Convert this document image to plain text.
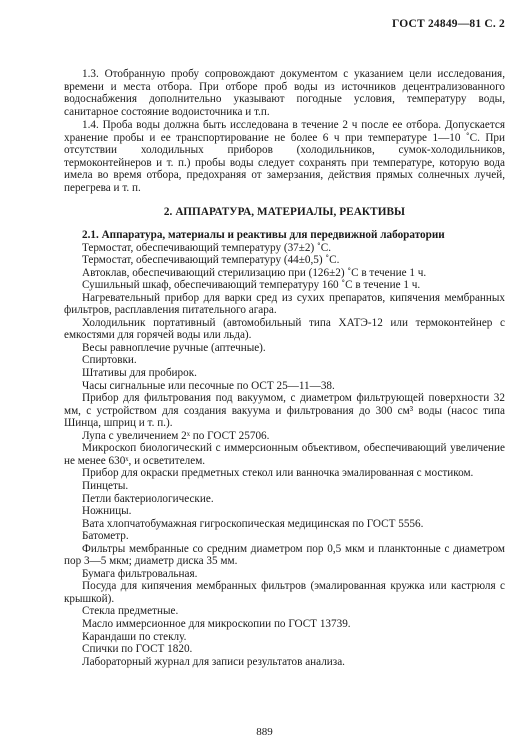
ГОСТ 24849—81 С. 2

1.3. Отобранную пробу сопровождают документом с указанием цели исследования, времени и места отбора. При отборе проб воды из источников децентрализованного водоснабжения дополнительно указывают погодные условия, температуру воды, санитарное состояние водоисточника и т.п.

1.4. Проба воды должна быть исследована в течение 2 ч после ее отбора. Допускается хранение пробы и ее транспортирование не более 6 ч при температуре 1—10 ˚С. При отсутствии холодильных приборов (холодильников, сумок-холодильников, термоконтейнеров и т. п.) пробы воды следует сохранять при температуре, которую вода имела во время отбора, предохраняя от замерзания, действия прямых солнечных лучей, перегрева и т. п.

2. АППАРАТУРА, МАТЕРИАЛЫ, РЕАКТИВЫ

2.1. Аппаратура, материалы и реактивы для передвижной лаборатории

Термостат, обеспечивающий температуру (37±2) ˚С.

Термостат, обеспечивающий температуру (44±0,5) ˚С.

Автоклав, обеспечивающий стерилизацию при (126±2) ˚С в течение 1 ч.

Сушильный шкаф, обеспечивающий температуру 160 ˚С в течение 1 ч.

Нагревательный прибор для варки сред из сухих препаратов, кипячения мембранных фильтров, расплавления питательного агара.

Холодильник портативный (автомобильный типа ХАТЭ-12 или термоконтейнер с емкостями для горячей воды или льда).

Весы равноплечие ручные (аптечные).

Спиртовки.

Штативы для пробирок.

Часы сигнальные или песочные по ОСТ 25—11—38.

Прибор для фильтрования под вакуумом, с диаметром фильтрующей поверхности 32 мм, с устройством для создания вакуума и фильтрования до 300 см³ воды (насос типа Шинца, шприц и т. п.).

Лупа с увеличением 2ˣ по ГОСТ 25706.

Микроскоп биологический с иммерсионным объективом, обеспечивающий увеличение не менее 630ˣ, и осветителем.

Прибор для окраски предметных стекол или ванночка эмалированная с мостиком.

Пинцеты.

Петли бактериологические.

Ножницы.

Вата хлопчатобумажная гигроскопическая медицинская по ГОСТ 5556.

Батометр.

Фильтры мембранные со средним диаметром пор 0,5 мкм и планктонные с диаметром пор 3—5 мкм; диаметр диска 35 мм.

Бумага фильтровальная.

Посуда для кипячения мембранных фильтров (эмалированная кружка или кастрюля с крышкой).

Стекла предметные.

Масло иммерсионное для микроскопии по ГОСТ 13739.

Карандаши по стеклу.

Спички по ГОСТ 1820.

Лабораторный журнал для записи результатов анализа.

889
